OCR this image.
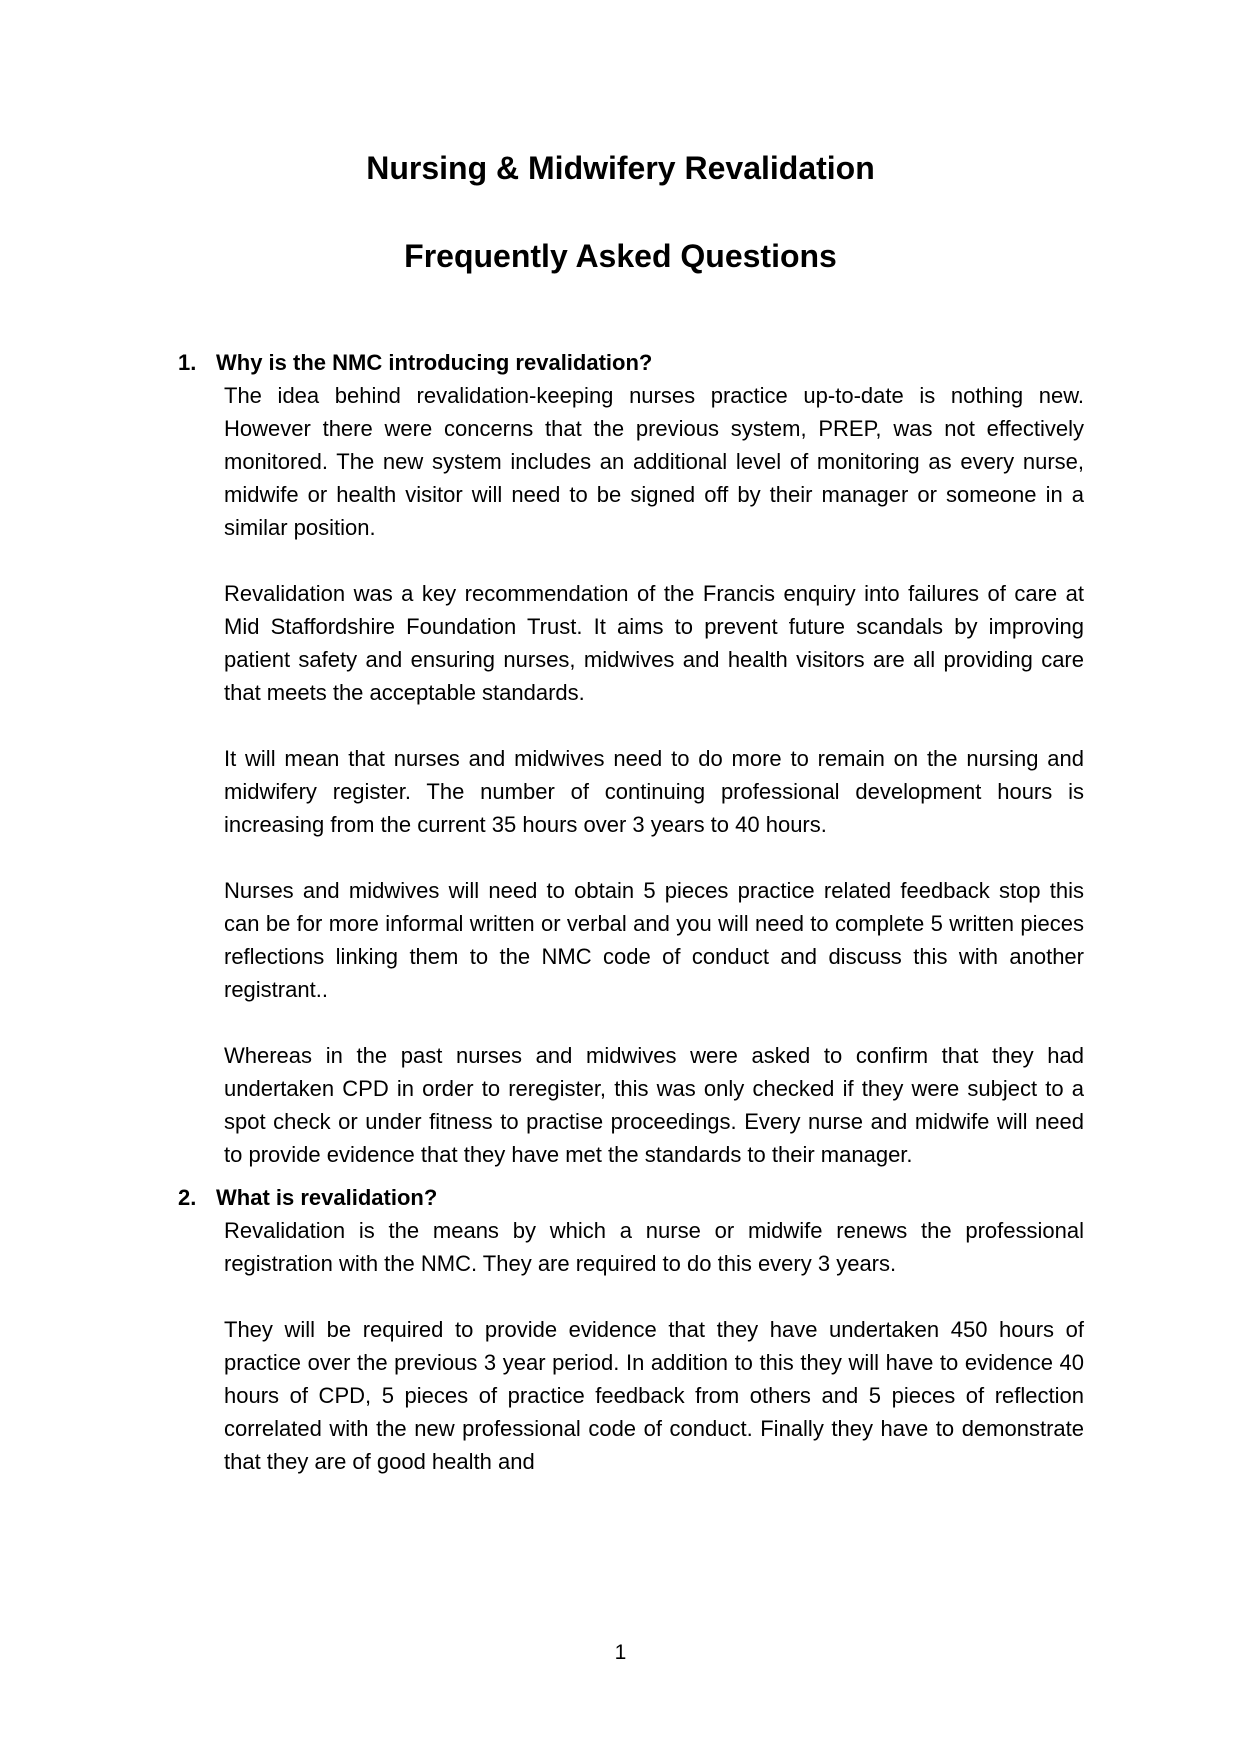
Nursing & Midwifery Revalidation
Frequently Asked Questions

1. Why is the NMC introducing revalidation?

The idea behind revalidation-keeping nurses practice up-to-date is nothing new. However there were concerns that the previous system, PREP, was not effectively monitored. The new system includes an additional level of monitoring as every nurse, midwife or health visitor will need to be signed off by their manager or someone in a similar position.

Revalidation was a key recommendation of the Francis enquiry into failures of care at Mid Staffordshire Foundation Trust. It aims to prevent future scandals by improving patient safety and ensuring nurses, midwives and health visitors are all providing care that meets the acceptable standards.

It will mean that nurses and midwives need to do more to remain on the nursing and midwifery register. The number of continuing professional development hours is increasing from the current 35 hours over 3 years to 40 hours.

Nurses and midwives will need to obtain 5 pieces practice related feedback stop this can be for more informal written or verbal and you will need to complete 5 written pieces reflections linking them to the NMC code of conduct and discuss this with another registrant..

Whereas in the past nurses and midwives were asked to confirm that they had undertaken CPD in order to reregister, this was only checked if they were subject to a spot check or under fitness to practise proceedings. Every nurse and midwife will need to provide evidence that they have met the standards to their manager.

2. What is revalidation?

Revalidation is the means by which a nurse or midwife renews the professional registration with the NMC. They are required to do this every 3 years.

They will be required to provide evidence that they have undertaken 450 hours of practice over the previous 3 year period. In addition to this they will have to evidence 40 hours of CPD, 5 pieces of practice feedback from others and 5 pieces of reflection correlated with the new professional code of conduct. Finally they have to demonstrate that they are of good health and

1
